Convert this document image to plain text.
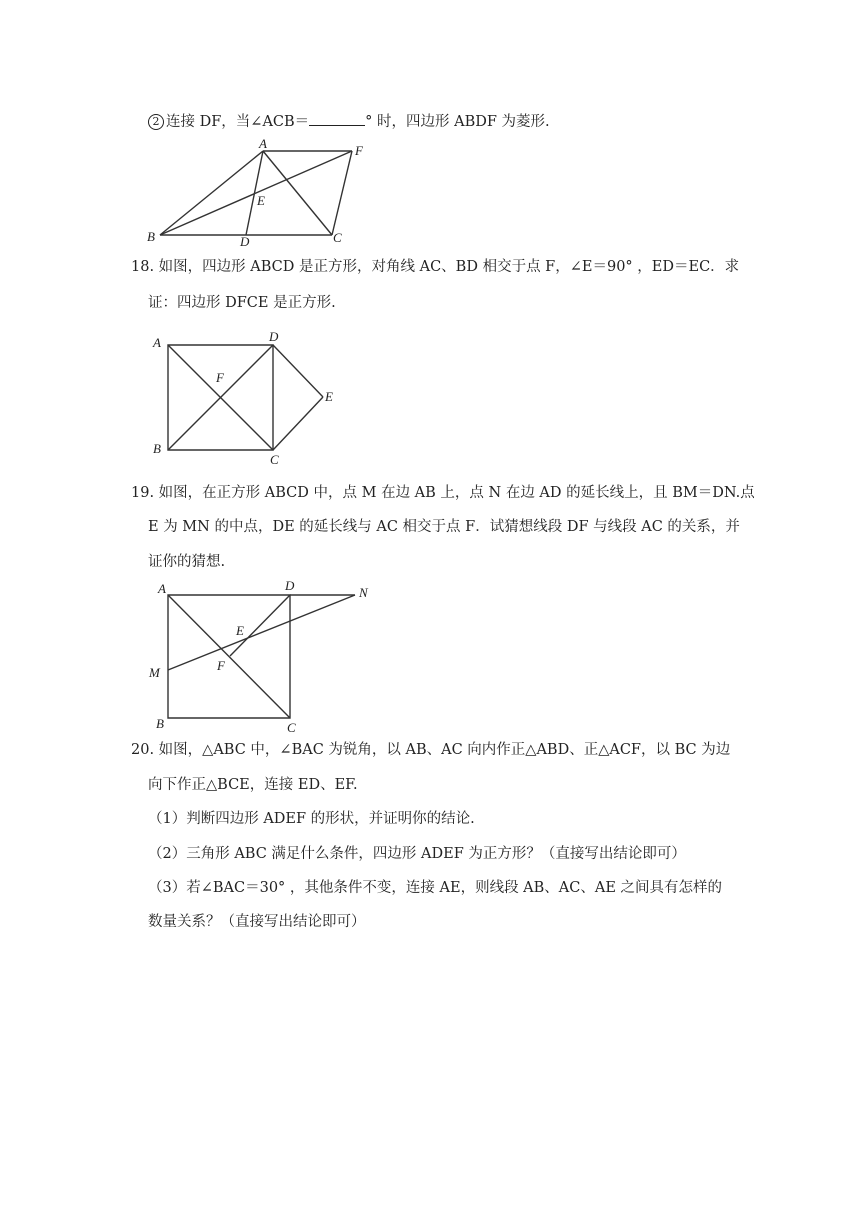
2 连接 DF，当∠ACB＝	° 时，四边形 ABDF 为菱形.
A	F
E
B	D	C
18. 如图，四边形 ABCD 是正方形，对角线 AC、BD 相交于点 F，∠E＝90° ，ED＝EC．求
证：四边形 DFCE 是正方形.
A	D
F
E
B
C
19. 如图，在正方形 ABCD 中，点 M 在边 AB 上，点 N 在边 AD 的延长线上，且 BM＝DN.点
E 为 MN 的中点，DE 的延长线与 AC 相交于点 F．试猜想线段 DF 与线段 AC 的关系，并
证你的猜想.
A	D	N
E
M	F
B	C
20. 如图，△ABC 中，∠BAC 为锐角，以 AB、AC 向内作正△ABD、正△ACF，以 BC 为边
向下作正△BCE，连接 ED、EF.
（1）判断四边形 ADEF 的形状，并证明你的结论.
（2）三角形 ABC 满足什么条件，四边形 ADEF 为正方形？（直接写出结论即可）
（3）若∠BAC＝30° ，其他条件不变，连接 AE，则线段 AB、AC、AE 之间具有怎样的
数量关系？（直接写出结论即可）
